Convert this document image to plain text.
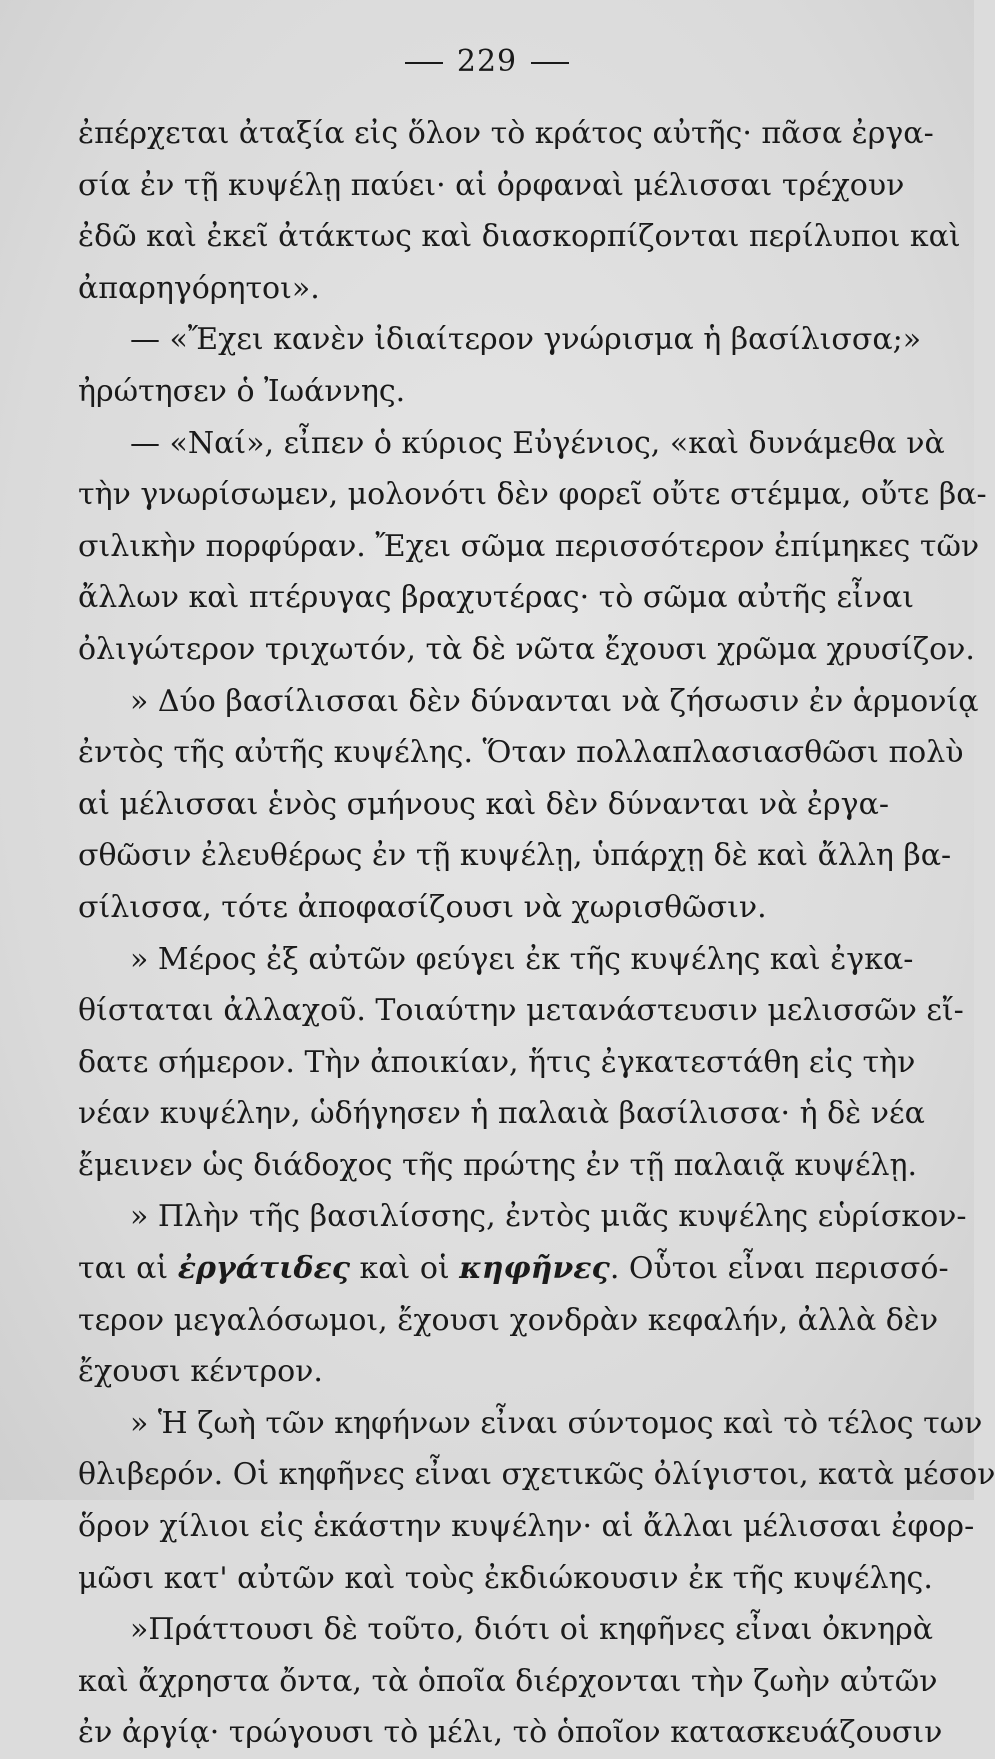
229
ἐπέρχεται ἀταξία εἰς ὅλον τὸ κράτος αὐτῆς· πᾶσα ἐργα-
σία ἐν τῇ κυψέλῃ παύει· αἱ ὀρφαναὶ μέλισσαι τρέχουν
ἐδῶ καὶ ἐκεῖ ἀτάκτως καὶ διασκορπίζονται περίλυποι καὶ
ἀπαρηγόρητοι».
— «Ἔχει κανὲν ἰδιαίτερον γνώρισμα ἡ βασίλισσα;»
ἠρώτησεν ὁ Ἰωάννης.
— «Ναί», εἶπεν ὁ κύριος Εὐγένιος, «καὶ δυνάμεθα νὰ
τὴν γνωρίσωμεν, μολονότι δὲν φορεῖ οὔτε στέμμα, οὔτε βα-
σιλικὴν πορφύραν. Ἔχει σῶμα περισσότερον ἐπίμηκες τῶν
ἄλλων καὶ πτέρυγας βραχυτέρας· τὸ σῶμα αὐτῆς εἶναι
ὀλιγώτερον τριχωτόν, τὰ δὲ νῶτα ἔχουσι χρῶμα χρυσίζον.
» Δύο βασίλισσαι δὲν δύνανται νὰ ζήσωσιν ἐν ἁρμονίᾳ
ἐντὸς τῆς αὐτῆς κυψέλης. Ὅταν πολλαπλασιασθῶσι πολὺ
αἱ μέλισσαι ἑνὸς σμήνους καὶ δὲν δύνανται νὰ ἐργα-
σθῶσιν ἐλευθέρως ἐν τῇ κυψέλῃ, ὑπάρχῃ δὲ καὶ ἄλλη βα-
σίλισσα, τότε ἀποφασίζουσι νὰ χωρισθῶσιν.
» Μέρος ἐξ αὐτῶν φεύγει ἐκ τῆς κυψέλης καὶ ἐγκα-
θίσταται ἀλλαχοῦ. Τοιαύτην μετανάστευσιν μελισσῶν εἴ-
δατε σήμερον. Τὴν ἀποικίαν, ἥτις ἐγκατεστάθη εἰς τὴν
νέαν κυψέλην, ὡδήγησεν ἡ παλαιὰ βασίλισσα· ἡ δὲ νέα
ἔμεινεν ὡς διάδοχος τῆς πρώτης ἐν τῇ παλαιᾷ κυψέλῃ.
» Πλὴν τῆς βασιλίσσης, ἐντὸς μιᾶς κυψέλης εὑρίσκον-
ται αἱ ἐργάτιδες καὶ οἱ κηφῆνες. Οὗτοι εἶναι περισσό-
τερον μεγαλόσωμοι, ἔχουσι χονδρὰν κεφαλήν, ἀλλὰ δὲν
ἔχουσι κέντρον.
» Ἡ ζωὴ τῶν κηφήνων εἶναι σύντομος καὶ τὸ τέλος των
θλιβερόν. Οἱ κηφῆνες εἶναι σχετικῶς ὀλίγιστοι, κατὰ μέσον
ὅρον χίλιοι εἰς ἑκάστην κυψέλην· αἱ ἄλλαι μέλισσαι ἐφορ-
μῶσι κατ' αὐτῶν καὶ τοὺς ἐκδιώκουσιν ἐκ τῆς κυψέλης.
»Πράττουσι δὲ τοῦτο, διότι οἱ κηφῆνες εἶναι ὀκνηρὰ
καὶ ἄχρηστα ὄντα, τὰ ὁποῖα διέρχονται τὴν ζωὴν αὐτῶν
ἐν ἀργίᾳ· τρώγουσι τὸ μέλι, τὸ ὁποῖον κατασκευάζουσιν
